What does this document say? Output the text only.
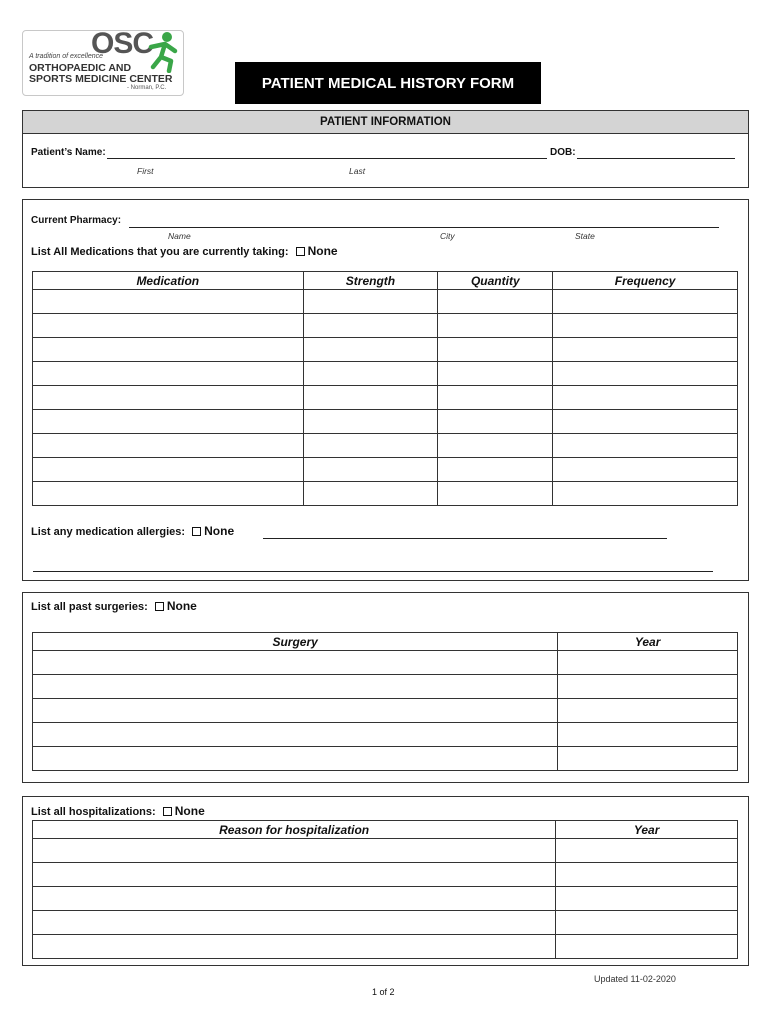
A tradition of excellence
OSC
ORTHOPAEDIC AND
SPORTS MEDICINE CENTER
- Norman, P.C.	PATIENT MEDICAL HISTORY FORM
PATIENT INFORMATION
Patient’s Name:	DOB:
First	Last
Current Pharmacy:
Name	City	State
List All Medications that you are currently taking: None
Medication	Strength	Quantity	Frequency

List any medication allergies: None
List all past surgeries: None
Surgery	Year

List all hospitalizations: None
Reason for hospitalization	Year

Updated 11-02-2020
1 of 2
